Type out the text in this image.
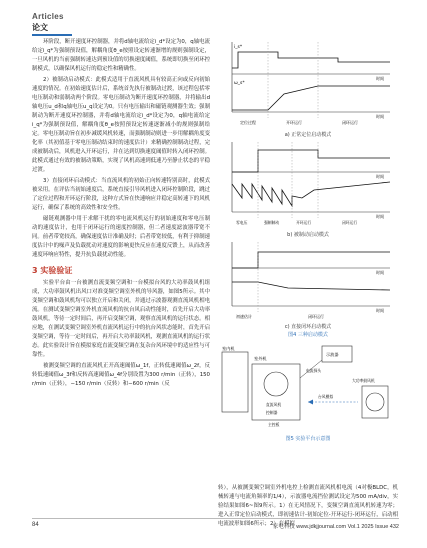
Articles
论文

环阶段，断开速度环控制器，并将d轴电流给定i_d*设定为0，q轴电流给定i_q*为强制预设值，解耦角度θ_e按照设定转速渐增的规则强制设定，一旦风机的当前强制转速达到预设值的切换速度阈值，系统即切换至闭环控制模式，以确保风机运行的稳定性和精确性。

2）被制动启动模式：此模式适用于直流风机具有较高正向或反向初始速度的情况。在初始速度估计后，系统首先执行被制动过渡，该过程包括零电压制动和弱制动两个阶段。零电压制动为断开速度环控制器，并将输出d轴电压u_d和q轴电压u_q设定为0。只有电压输出和磁链观测器生效；强制制动为断开速度环控制器，并将d轴电流给定i_d*设定为0，q轴电流给定i_q*为强制预设值，解耦角度θ_e按照预设定转速逐渐减小的规则强制给定。零电压制动旨在初步减缓风机转速，而强制制动则进一步用解耦角度变化率（其初值基于零电压制动结束时的速度估计）来精确控制制动过程，完成被制动后，风机进入开环运行，并在达到切换速度阈值时转入闭环控制。此模式通过有效的被制动策略，实现了风机高速到低速乃至静止状态的平稳过渡。

3）直接闭环启动模式：当直流风机的初始正向转速特别高时，此模式被采用。在评估当初始速度后，系统直接引导风机进入闭环控制阶段，跳过了定位过程和开环运行阶段，这种方式旨在快速响应并稳定高转速下的风机运行，确保了系统的高效性和安全性。

磁链观测器中用于求解干扰的零电流风机运行的初始速度和零电压制动的速度估计，也用于闭环运行的速度控制器，但二者速度滤波器带宽不同。前者带宽较高，确保速度估计准确及时；后者带宽较低，有利于抑制速度估计中的噪声及负载扰动对速度的影响更快反应在速度反馈上，从而改善速度环响应特性，提升抗负载扰动性能。

3 实验验证

实验平台由一台被测直流变频空调和一台模拟台风的大功率鼓风机组成，大功率鼓风机出风口对准变频空调室外机的导风器，如图5所示。其中变频空调和鼓风机均可以独立开启和关闭，并通过示波器观测直流风机相电流。在测试变频空调室外机直流风机的抗台风启动性能时，首先开启大功率鼓风机，等待一定时间后，再开启变频空调，观察直流风机的运行状态。相应地，在测试变频空调室外机直流风机运行中的抗台风状态能时，首先开启变频空调，等待一定时间后，再开启大功率鼓风机，观测直流风机的运行状态。此实验设计旨在模拟家庭直流变频空调在复杂台风环境中的适应性与可靠性。

被测变频空调的直流风机正开高速阈值ω_1f，正转低速阈值ω_2f，反转低速阈值ω_3f和反转高速阈值ω_4f分别设置为300 r/min（正转），150 r/min（正转），−150 r/min（反转）和−600 r/min（反

i_s*
ω_s*
时间
时间
定位过程	开环运行	闭环运行
a) 正常定位启动模式
时间
时间
零电压	强制制动	开环运行	闭环运行
b) 被制动启动模式
时间
时间
初速估计	闭环运行
c) 直接闭环启动模式
图4 三种启动模式
室内机
室外机
直流风机
控制器
示波器
电流探头
大功率鼓风机
台风模拟
主控板
图5 实验平台示意图

转），从被测变频空调室外机电控上检测直流风机相电流（4对极BLDC，机械转速与电流角频率的1/4），示波器电流挡位测试设定为500 mA/div，实验结果如图6~图9所示。1）在无风情况下，变频空调直流风机转速为零；进入正常定位启动模式，即初速估计-初始定位-开环运行-闭环运行，启动相电流波形如图6所示；2）在模拟

84	家电科技 www.jdkjjournal.com Vol.1 2025 Issue 432
